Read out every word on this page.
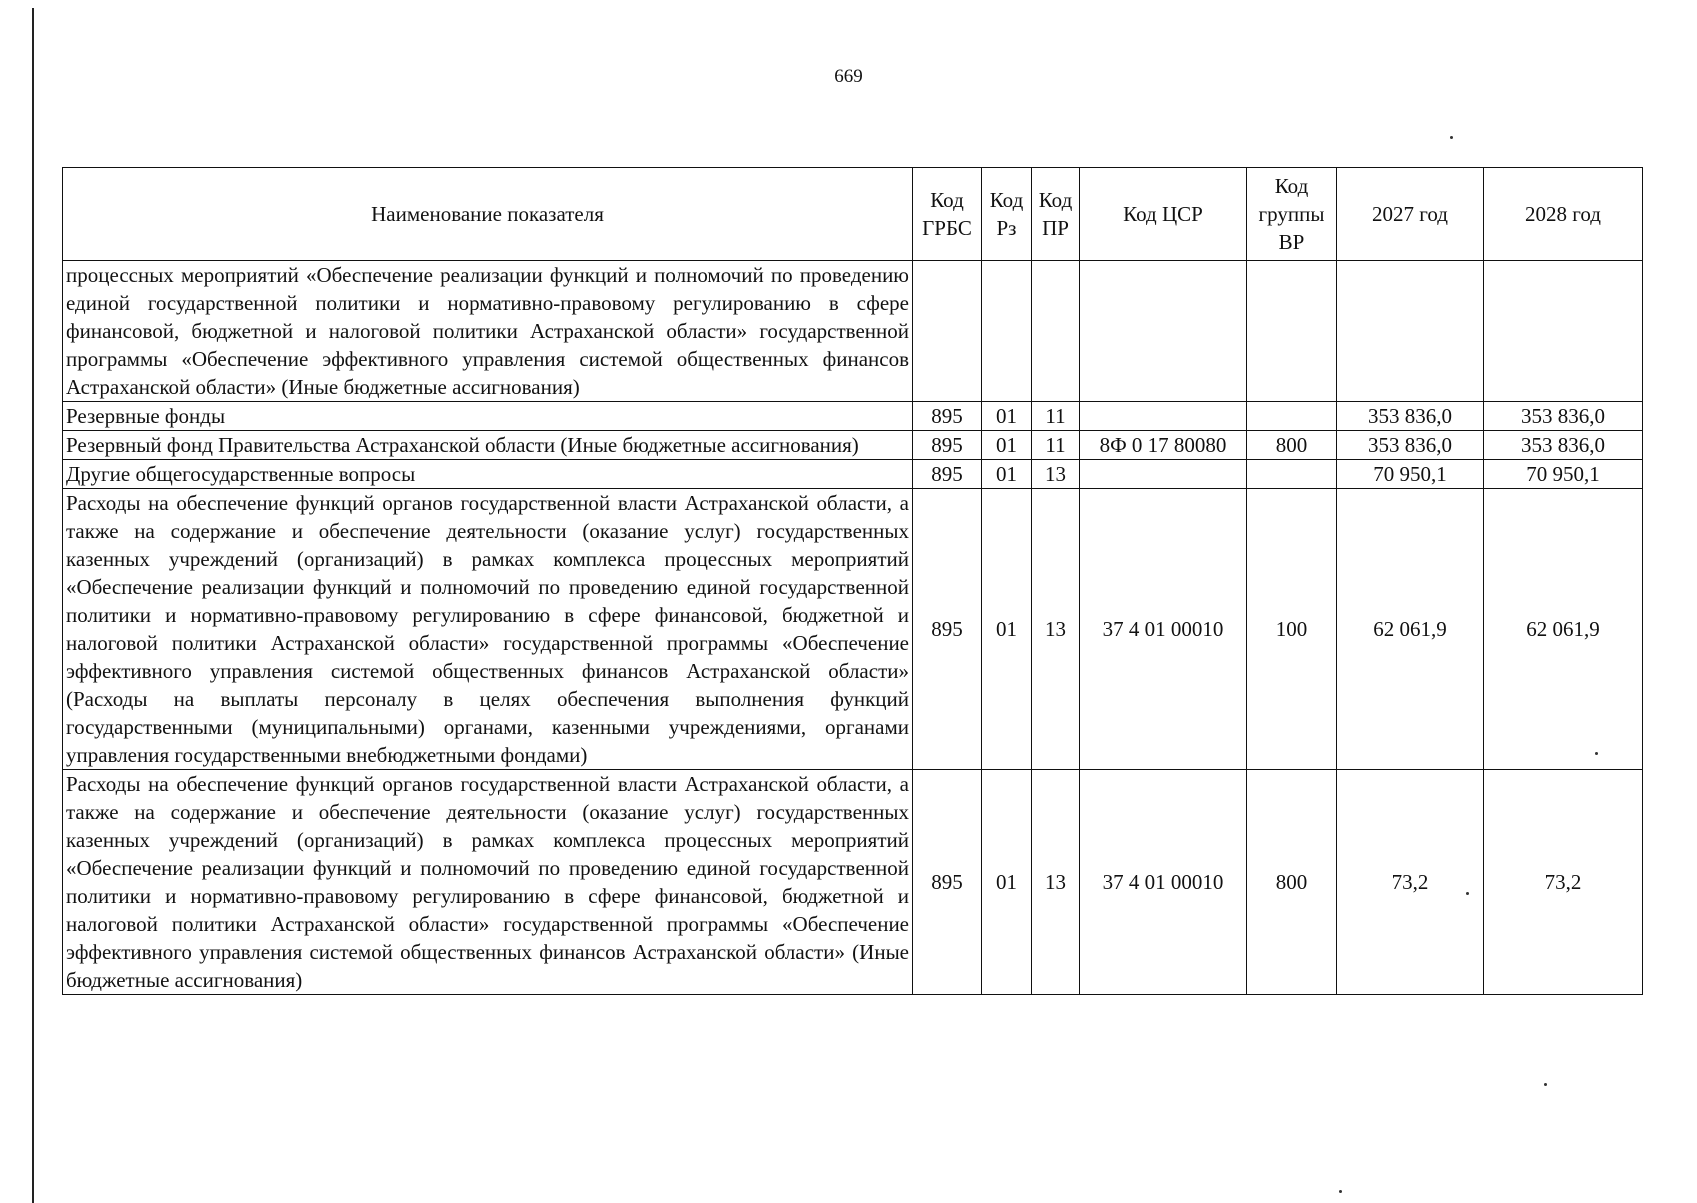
669
Наименование показателя	Код ГРБС	Код Рз	Код ПР	Код ЦСР	Код группы ВР	2027 год	2028 год
процессных мероприятий «Обеспечение реализации функций и полномочий по проведению единой государственной политики и нормативно-правовому регулированию в сфере финансовой, бюджетной и налоговой политики Астраханской области» государственной программы «Обеспечение эффективного управления системой общественных финансов Астраханской области» (Иные бюджетные ассигнования)							
Резервные фонды	895	01	11			353 836,0	353 836,0
Резервный фонд Правительства Астраханской области (Иные бюджетные ассигнования)	895	01	11	8Ф 0 17 80080	800	353 836,0	353 836,0
Другие общегосударственные вопросы	895	01	13			70 950,1	70 950,1
Расходы на обеспечение функций органов государственной власти Астраханской области, а также на содержание и обеспечение деятельности (оказание услуг) государственных казенных учреждений (организаций) в рамках комплекса процессных мероприятий «Обеспечение реализации функций и полномочий по проведению единой государственной политики и нормативно-правовому регулированию в сфере финансовой, бюджетной и налоговой политики Астраханской области» государственной программы «Обеспечение эффективного управления системой общественных финансов Астраханской области» (Расходы на выплаты персоналу в целях обеспечения выполнения функций государственными (муниципальными) органами, казенными учреждениями, органами управления государственными внебюджетными фондами)	895	01	13	37 4 01 00010	100	62 061,9	62 061,9
Расходы на обеспечение функций органов государственной власти Астраханской области, а также на содержание и обеспечение деятельности (оказание услуг) государственных казенных учреждений (организаций) в рамках комплекса процессных мероприятий «Обеспечение реализации функций и полномочий по проведению единой государственной политики и нормативно-правовому регулированию в сфере финансовой, бюджетной и налоговой политики Астраханской области» государственной программы «Обеспечение эффективного управления системой общественных финансов Астраханской области» (Иные бюджетные ассигнования)	895	01	13	37 4 01 00010	800	73,2	73,2
